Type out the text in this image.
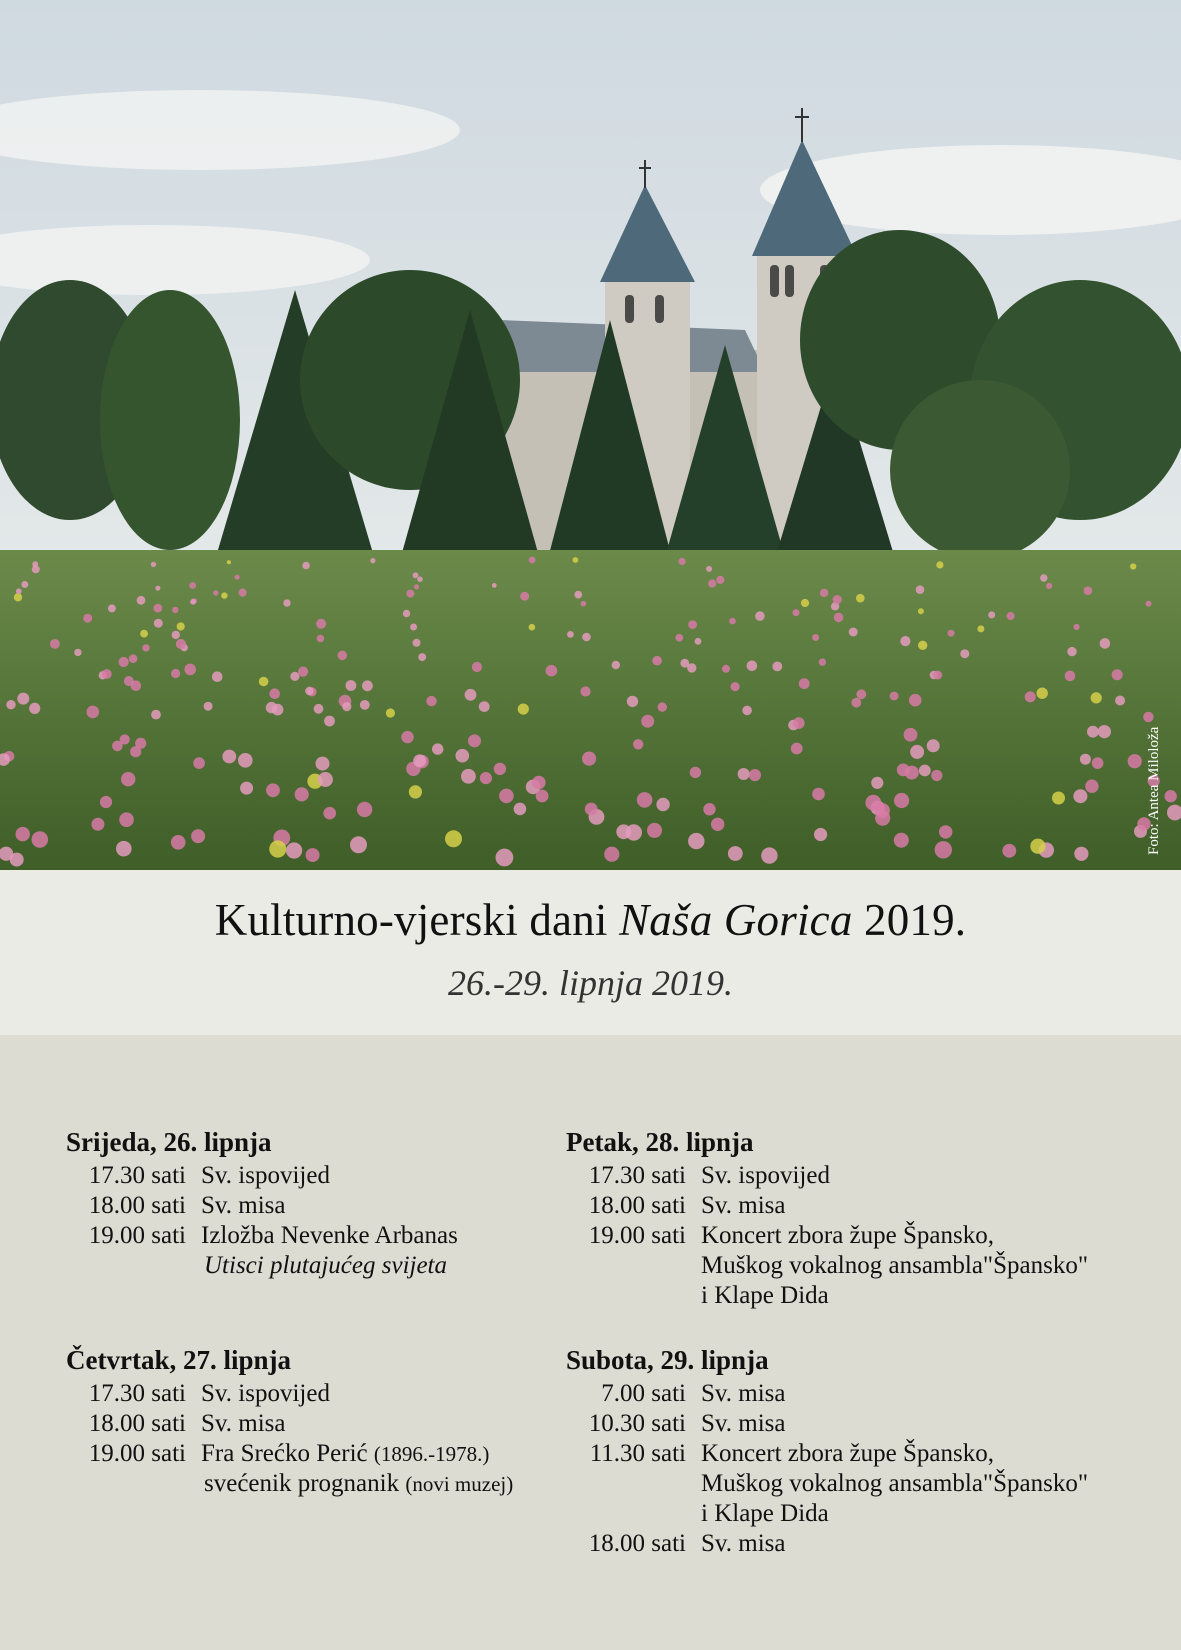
Foto: Antea Miloloža
Kulturno-vjerski dani Naša Gorica 2019.
26.-29. lipnja 2019.
Srijeda, 26. lipnja
17.30 sati Sv. ispovijed
18.00 sati Sv. misa
19.00 sati Izložba Nevenke Arbanas
Utisci plutajućeg svijeta
Četvrtak, 27. lipnja
17.30 sati Sv. ispovijed
18.00 sati Sv. misa
19.00 sati Fra Srećko Perić (1896.-1978.)
svećenik prognanik (novi muzej)
Petak, 28. lipnja
17.30 sati Sv. ispovijed
18.00 sati Sv. misa
19.00 sati Koncert zbora župe Špansko,
Muškog vokalnog ansambla"Špansko"
i Klape Dida
Subota, 29. lipnja
7.00 sati Sv. misa
10.30 sati Sv. misa
11.30 sati Koncert zbora župe Špansko,
Muškog vokalnog ansambla"Špansko"
i Klape Dida
18.00 sati Sv. misa
